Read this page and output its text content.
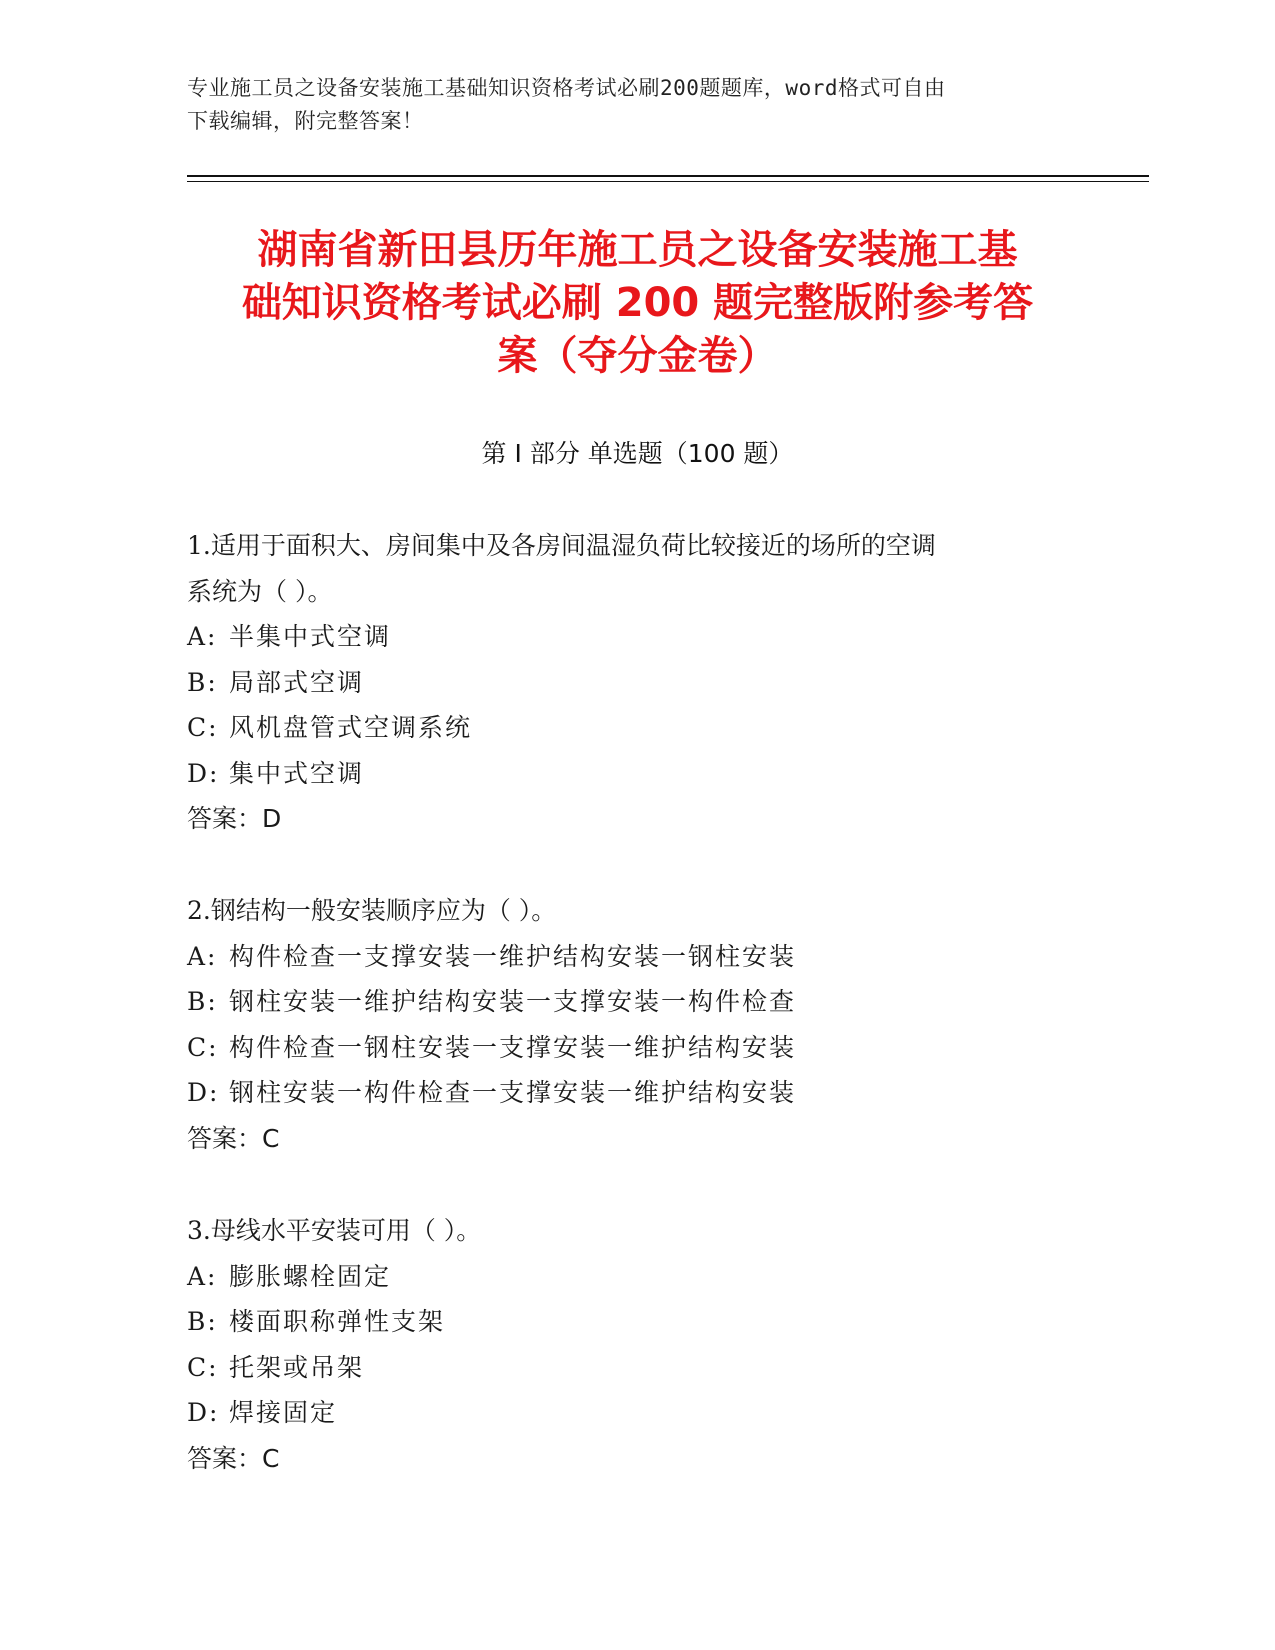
专业施工员之设备安装施工基础知识资格考试必刷200题题库，word格式可自由
下载编辑，附完整答案！
湖南省新田县历年施工员之设备安装施工基
础知识资格考试必刷 200 题完整版附参考答
案（夺分金卷）
第 I 部分 单选题（100 题）
1.适用于面积大、房间集中及各房间温湿负荷比较接近的场所的空调
系统为（ ）。
A: 半集中式空调
B: 局部式空调
C: 风机盘管式空调系统
D: 集中式空调
答案：D
2.钢结构一般安装顺序应为（ ）。
A: 构件检查一支撑安装一维护结构安装一钢柱安装
B: 钢柱安装一维护结构安装一支撑安装一构件检查
C: 构件检查一钢柱安装一支撑安装一维护结构安装
D: 钢柱安装一构件检查一支撑安装一维护结构安装
答案：C
3.母线水平安装可用（ ）。
A: 膨胀螺栓固定
B: 楼面职称弹性支架
C: 托架或吊架
D: 焊接固定
答案：C
